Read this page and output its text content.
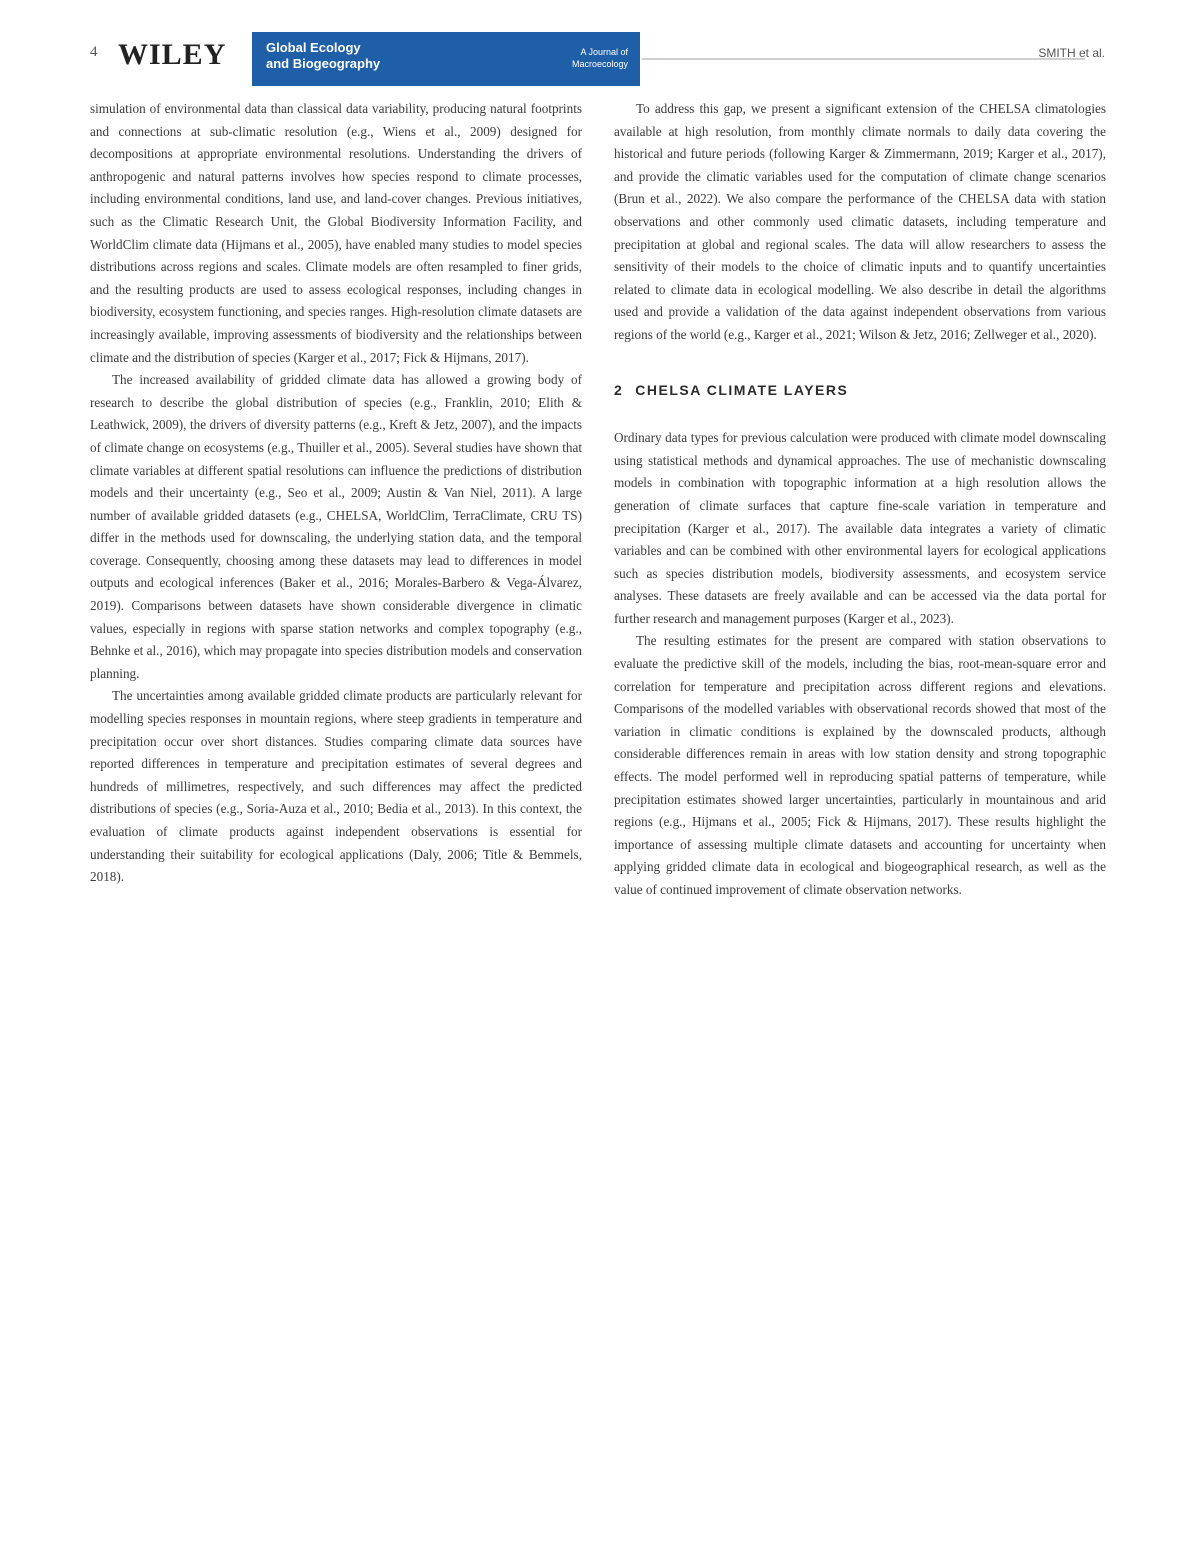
4 WILEY	Global Ecology
and Biogeography
A Journal of
Macroecology
SMITH et al.

simulation of environmental data than classical data variability, producing natural footprints and connections at sub-climatic resolution (e.g., Wiens et al., 2009) designed for decompositions at appropriate environmental resolutions. Understanding the drivers of anthropogenic and natural patterns involves how species respond to climate processes, including environmental conditions, land use, and land-cover changes. Previous initiatives, such as the Climatic Research Unit, the Global Biodiversity Information Facility, and WorldClim climate data (Hijmans et al., 2005), have enabled many studies to model species distributions across regions and scales. Climate models are often resampled to finer grids, and the resulting products are used to assess ecological responses, including changes in biodiversity, ecosystem functioning, and species ranges. High-resolution climate datasets are increasingly available, improving assessments of biodiversity and the relationships between climate and the distribution of species (Karger et al., 2017; Fick & Hijmans, 2017).

The increased availability of gridded climate data has allowed a growing body of research to describe the global distribution of species (e.g., Franklin, 2010; Elith & Leathwick, 2009), the drivers of diversity patterns (e.g., Kreft & Jetz, 2007), and the impacts of climate change on ecosystems (e.g., Thuiller et al., 2005). Several studies have shown that climate variables at different spatial resolutions can influence the predictions of distribution models and their uncertainty (e.g., Seo et al., 2009; Austin & Van Niel, 2011). A large number of available gridded datasets (e.g., CHELSA, WorldClim, TerraClimate, CRU TS) differ in the methods used for downscaling, the underlying station data, and the temporal coverage. Consequently, choosing among these datasets may lead to differences in model outputs and ecological inferences (Baker et al., 2016; Morales-Barbero & Vega-Álvarez, 2019). Comparisons between datasets have shown considerable divergence in climatic values, especially in regions with sparse station networks and complex topography (e.g., Behnke et al., 2016), which may propagate into species distribution models and conservation planning.

The uncertainties among available gridded climate products are particularly relevant for modelling species responses in mountain regions, where steep gradients in temperature and precipitation occur over short distances. Studies comparing climate data sources have reported differences in temperature and precipitation estimates of several degrees and hundreds of millimetres, respectively, and such differences may affect the predicted distributions of species (e.g., Soria-Auza et al., 2010; Bedia et al., 2013). In this context, the evaluation of climate products against independent observations is essential for understanding their suitability for ecological applications (Daly, 2006; Title & Bemmels, 2018).

To address this gap, we present a significant extension of the CHELSA climatologies available at high resolution, from monthly climate normals to daily data covering the historical and future periods (following Karger & Zimmermann, 2019; Karger et al., 2017), and provide the climatic variables used for the computation of climate change scenarios (Brun et al., 2022). We also compare the performance of the CHELSA data with station observations and other commonly used climatic datasets, including temperature and precipitation at global and regional scales. The data will allow researchers to assess the sensitivity of their models to the choice of climatic inputs and to quantify uncertainties related to climate data in ecological modelling. We also describe in detail the algorithms used and provide a validation of the data against independent observations from various regions of the world (e.g., Karger et al., 2021; Wilson & Jetz, 2016; Zellweger et al., 2020).

2 CHELSA CLIMATE LAYERS

Ordinary data types for previous calculation were produced with climate model downscaling using statistical methods and dynamical approaches. The use of mechanistic downscaling models in combination with topographic information at a high resolution allows the generation of climate surfaces that capture fine-scale variation in temperature and precipitation (Karger et al., 2017). The available data integrates a variety of climatic variables and can be combined with other environmental layers for ecological applications such as species distribution models, biodiversity assessments, and ecosystem service analyses. These datasets are freely available and can be accessed via the data portal for further research and management purposes (Karger et al., 2023).

The resulting estimates for the present are compared with station observations to evaluate the predictive skill of the models, including the bias, root-mean-square error and correlation for temperature and precipitation across different regions and elevations. Comparisons of the modelled variables with observational records showed that most of the variation in climatic conditions is explained by the downscaled products, although considerable differences remain in areas with low station density and strong topographic effects. The model performed well in reproducing spatial patterns of temperature, while precipitation estimates showed larger uncertainties, particularly in mountainous and arid regions (e.g., Hijmans et al., 2005; Fick & Hijmans, 2017). These results highlight the importance of assessing multiple climate datasets and accounting for uncertainty when applying gridded climate data in ecological and biogeographical research, as well as the value of continued improvement of climate observation networks.
